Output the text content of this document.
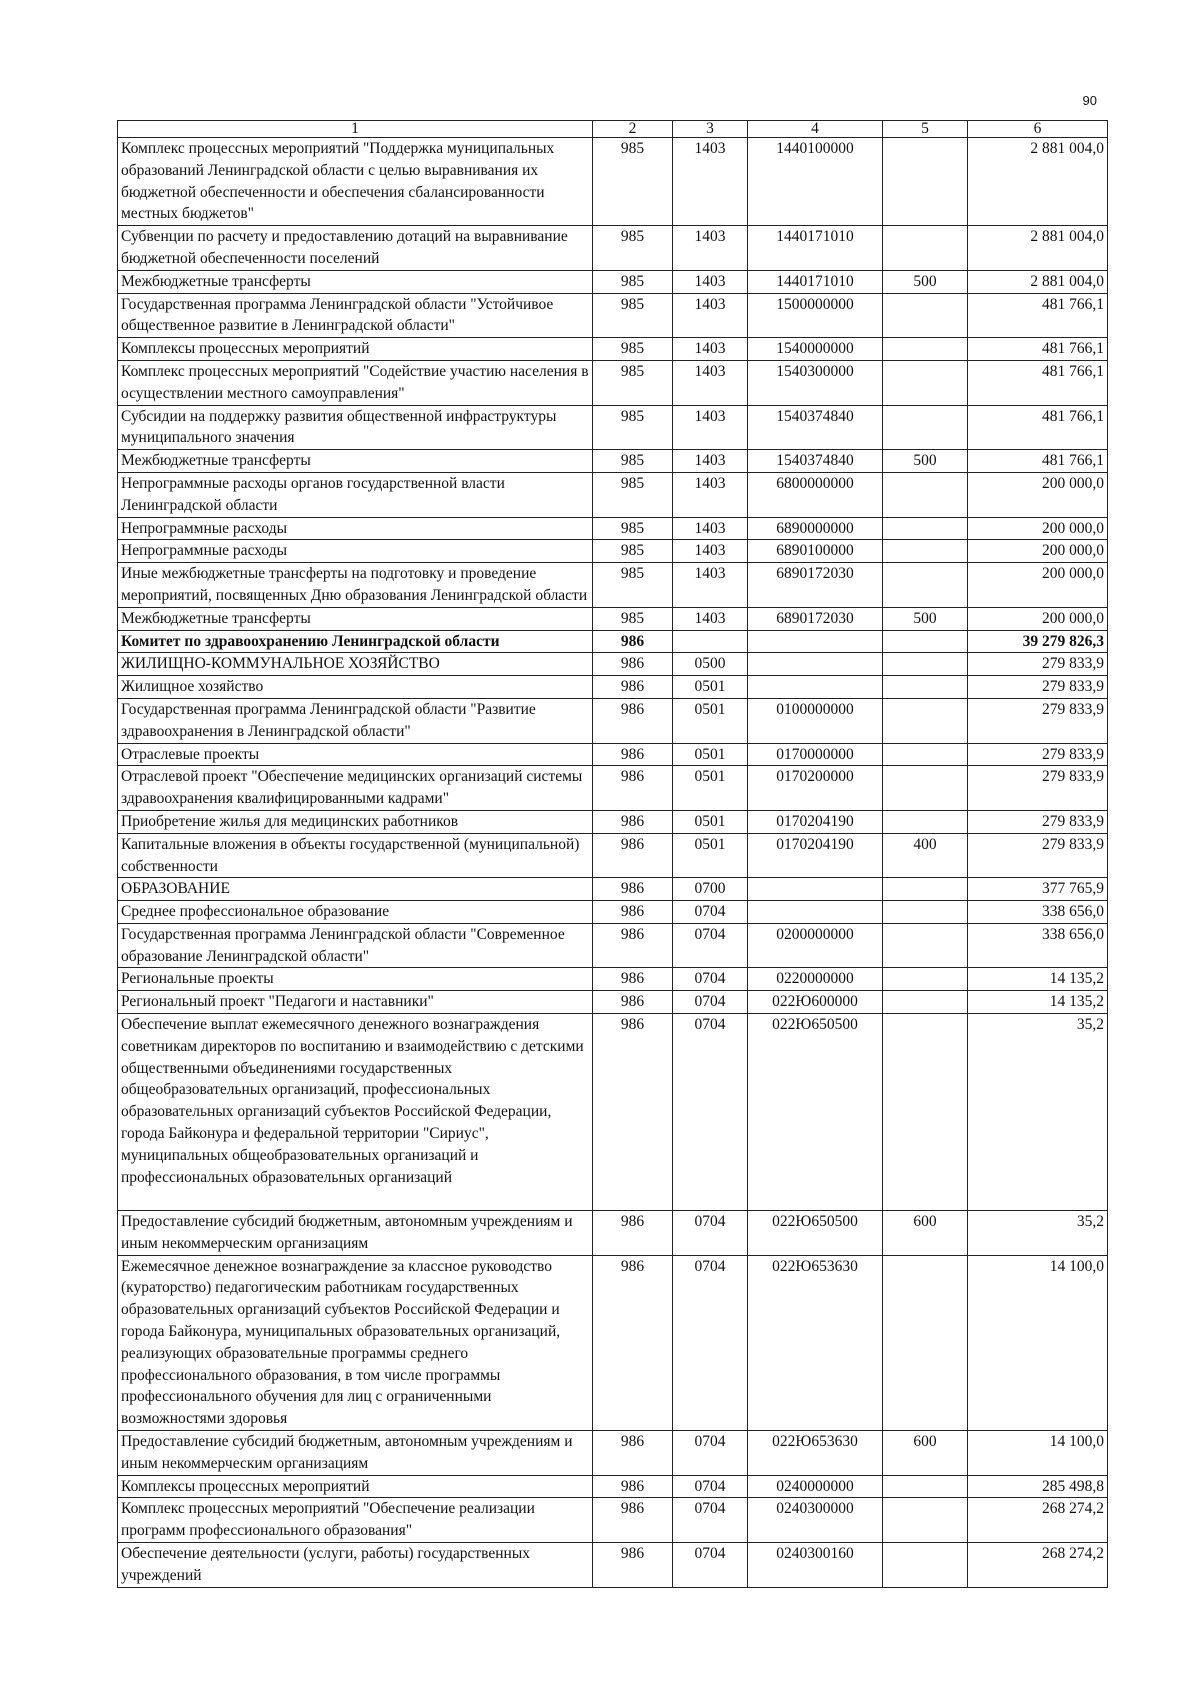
90
1	2	3	4	5	6
Комплекс процессных мероприятий "Поддержка муниципальных образований Ленинградской области с целью выравнивания их бюджетной обеспеченности и обеспечения сбалансированности местных бюджетов"	985	1403	1440100000		2 881 004,0
Субвенции по расчету и предоставлению дотаций на выравнивание бюджетной обеспеченности поселений	985	1403	1440171010		2 881 004,0
Межбюджетные трансферты	985	1403	1440171010	500	2 881 004,0
Государственная программа Ленинградской области "Устойчивое общественное развитие в Ленинградской области"	985	1403	1500000000		481 766,1
Комплексы процессных мероприятий	985	1403	1540000000		481 766,1
Комплекс процессных мероприятий "Содействие участию населения в осуществлении местного самоуправления"	985	1403	1540300000		481 766,1
Субсидии на поддержку развития общественной инфраструктуры муниципального значения	985	1403	1540374840		481 766,1
Межбюджетные трансферты	985	1403	1540374840	500	481 766,1
Непрограммные расходы органов государственной власти Ленинградской области	985	1403	6800000000		200 000,0
Непрограммные расходы	985	1403	6890000000		200 000,0
Непрограммные расходы	985	1403	6890100000		200 000,0
Иные межбюджетные трансферты на подготовку и проведение мероприятий, посвященных Дню образования Ленинградской области	985	1403	6890172030		200 000,0
Межбюджетные трансферты	985	1403	6890172030	500	200 000,0
Комитет по здравоохранению Ленинградской области	986				39 279 826,3
ЖИЛИЩНО-КОММУНАЛЬНОЕ ХОЗЯЙСТВО	986	0500			279 833,9
Жилищное хозяйство	986	0501			279 833,9
Государственная программа Ленинградской области "Развитие здравоохранения в Ленинградской области"	986	0501	0100000000		279 833,9
Отраслевые проекты	986	0501	0170000000		279 833,9
Отраслевой проект "Обеспечение медицинских организаций системы здравоохранения квалифицированными кадрами"	986	0501	0170200000		279 833,9
Приобретение жилья для медицинских работников	986	0501	0170204190		279 833,9
Капитальные вложения в объекты государственной (муниципальной) собственности	986	0501	0170204190	400	279 833,9
ОБРАЗОВАНИЕ	986	0700			377 765,9
Среднее профессиональное образование	986	0704			338 656,0
Государственная программа Ленинградской области "Современное образование Ленинградской области"	986	0704	0200000000		338 656,0
Региональные проекты	986	0704	0220000000		14 135,2
Региональный проект "Педагоги и наставники"	986	0704	022Ю600000		14 135,2
Обеспечение выплат ежемесячного денежного вознаграждения советникам директоров по воспитанию и взаимодействию с детскими общественными объединениями государственных общеобразовательных организаций, профессиональных образовательных организаций субъектов Российской Федерации, города Байконура и федеральной территории "Сириус", муниципальных общеобразовательных организаций и профессиональных образовательных организаций	986	0704	022Ю650500		35,2
Предоставление субсидий бюджетным, автономным учреждениям и иным некоммерческим организациям	986	0704	022Ю650500	600	35,2
Ежемесячное денежное вознаграждение за классное руководство (кураторство) педагогическим работникам государственных образовательных организаций субъектов Российской Федерации и города Байконура, муниципальных образовательных организаций, реализующих образовательные программы среднего профессионального образования, в том числе программы профессионального обучения для лиц с ограниченными возможностями здоровья	986	0704	022Ю653630		14 100,0
Предоставление субсидий бюджетным, автономным учреждениям и иным некоммерческим организациям	986	0704	022Ю653630	600	14 100,0
Комплексы процессных мероприятий	986	0704	0240000000		285 498,8
Комплекс процессных мероприятий "Обеспечение реализации программ профессионального образования"	986	0704	0240300000		268 274,2
Обеспечение деятельности (услуги, работы) государственных учреждений	986	0704	0240300160		268 274,2
